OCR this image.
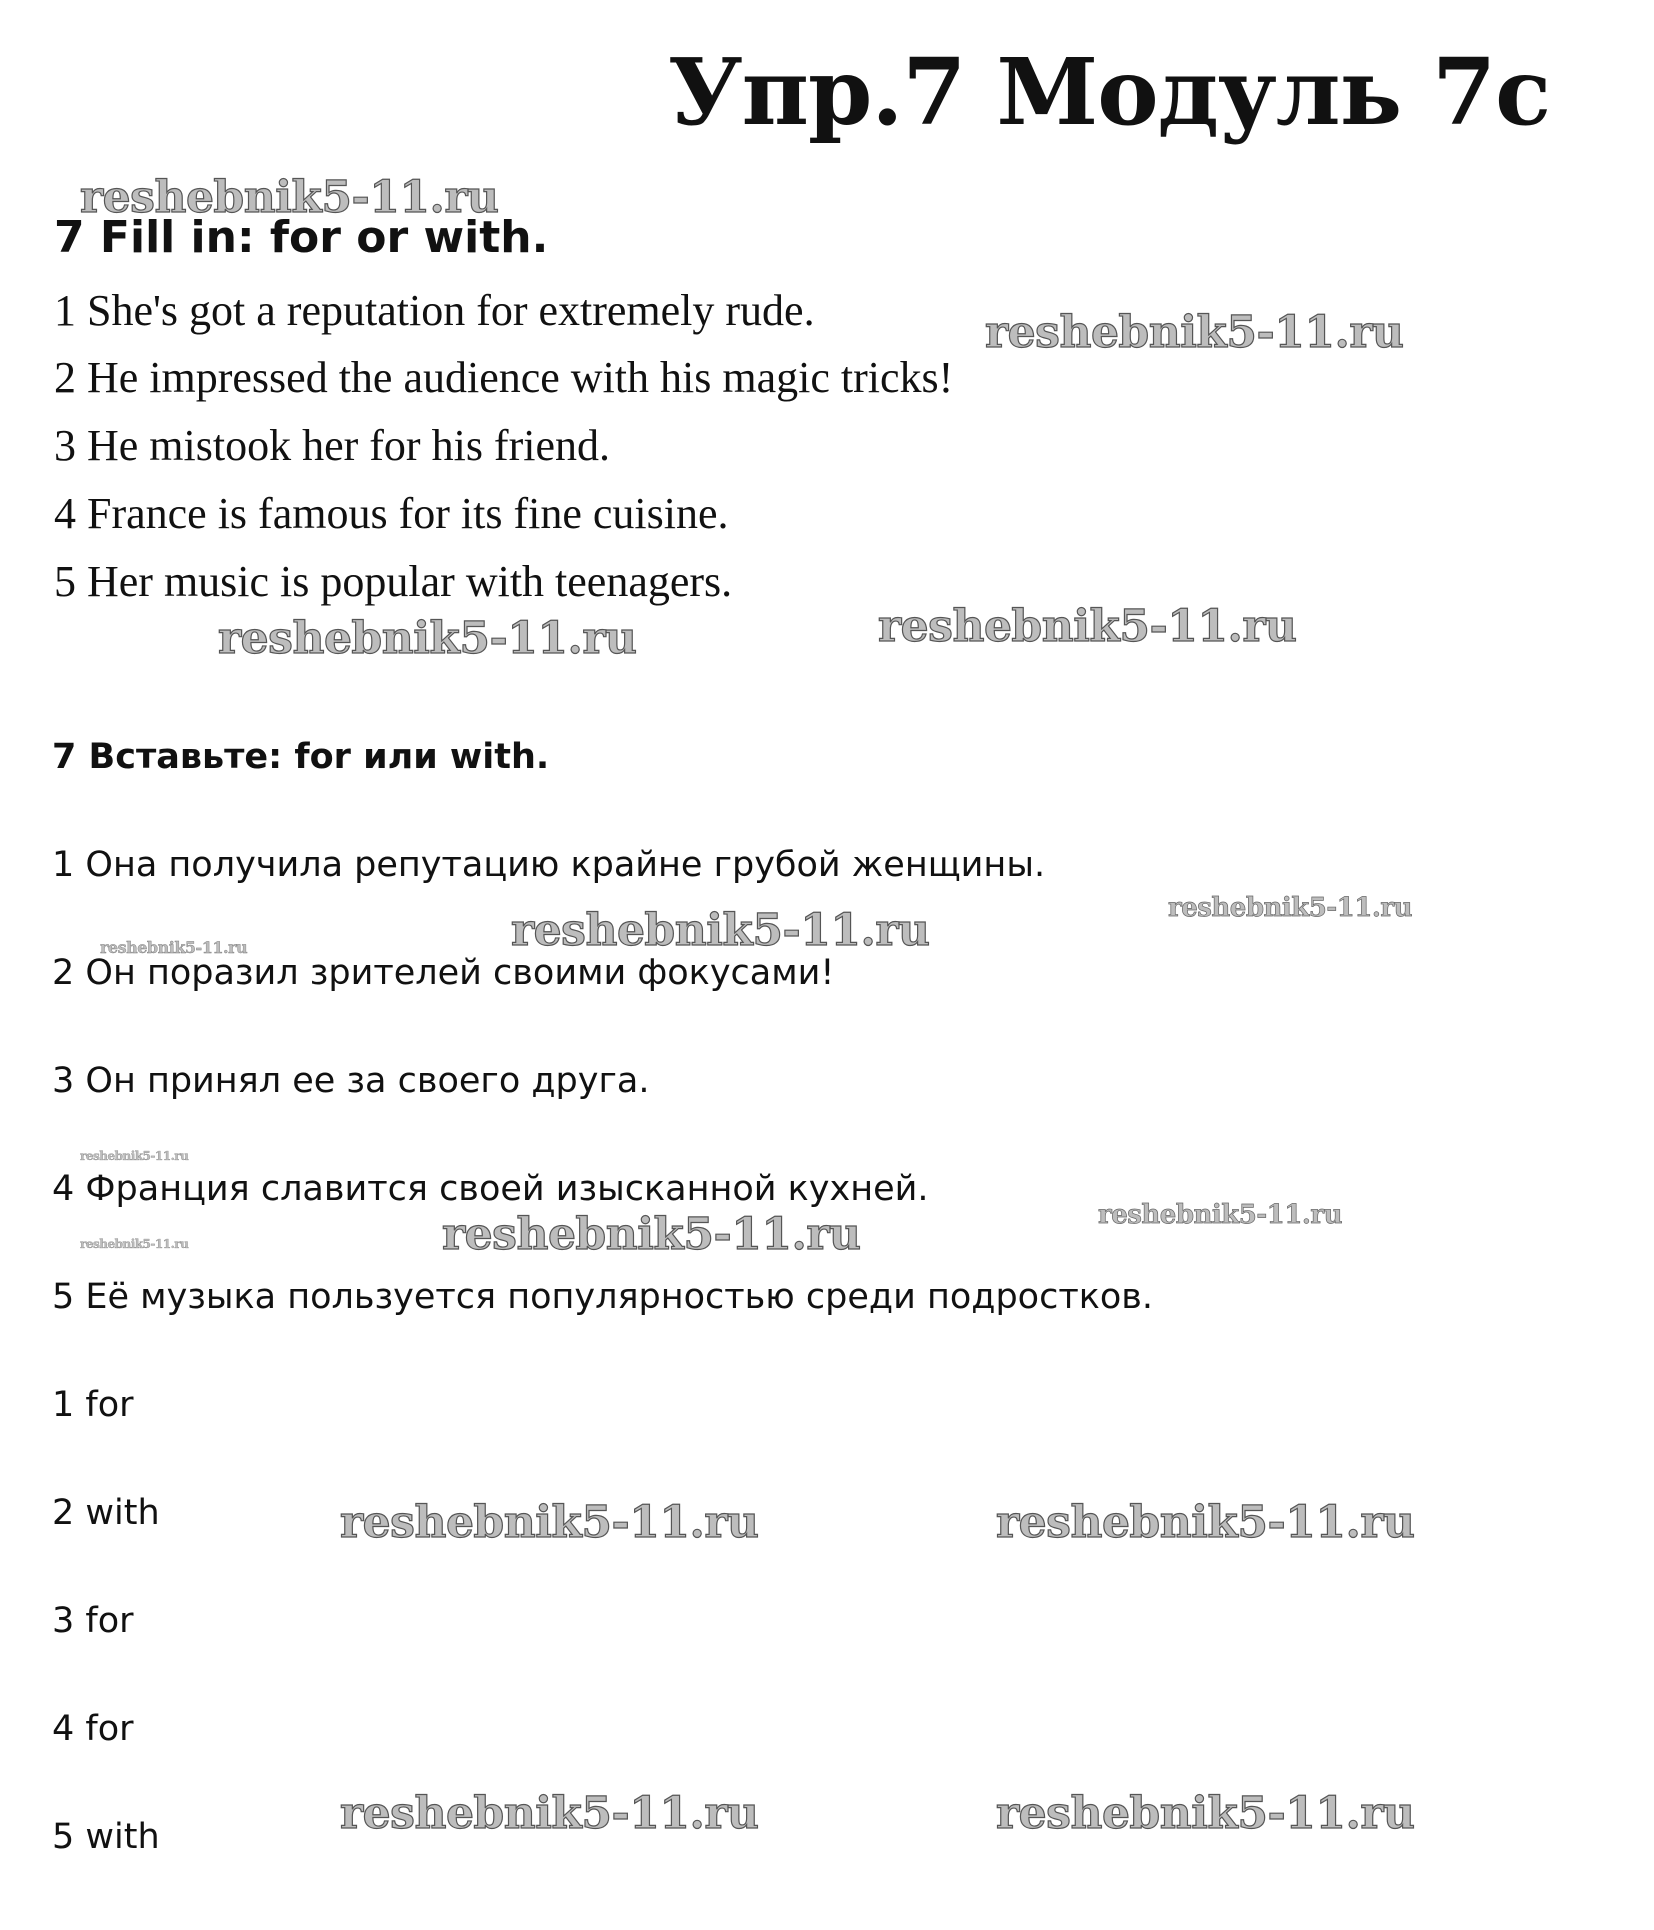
Упр.7 Модуль 7с
7 Fill in: for or with.
1 She's got a reputation for extremely rude.
2 He impressed the audience with his magic tricks!
3 He mistook her for his friend.
4 France is famous for its fine cuisine.
5 Her music is popular with teenagers.
7 Вставьте: for или with.
1 Она получила репутацию крайне грубой женщины.
2 Он поразил зрителей своими фокусами!
3 Он принял ее за своего друга.
4 Франция славится своей изысканной кухней.
5 Её музыка пользуется популярностью среди подростков.
1 for
2 with
3 for
4 for
5 with
reshebnik5-11.ru
reshebnik5-11.ru
reshebnik5-11.ru	reshebnik5-11.ru
reshebnik5-11.ru	reshebnik5-11.ru
reshebnik5-11.ru
reshebnik5-11.ru
reshebnik5-11.ru
reshebnik5-11.ru
reshebnik5-11.ru
reshebnik5-11.ru	reshebnik5-11.ru
reshebnik5-11.ru	reshebnik5-11.ru
